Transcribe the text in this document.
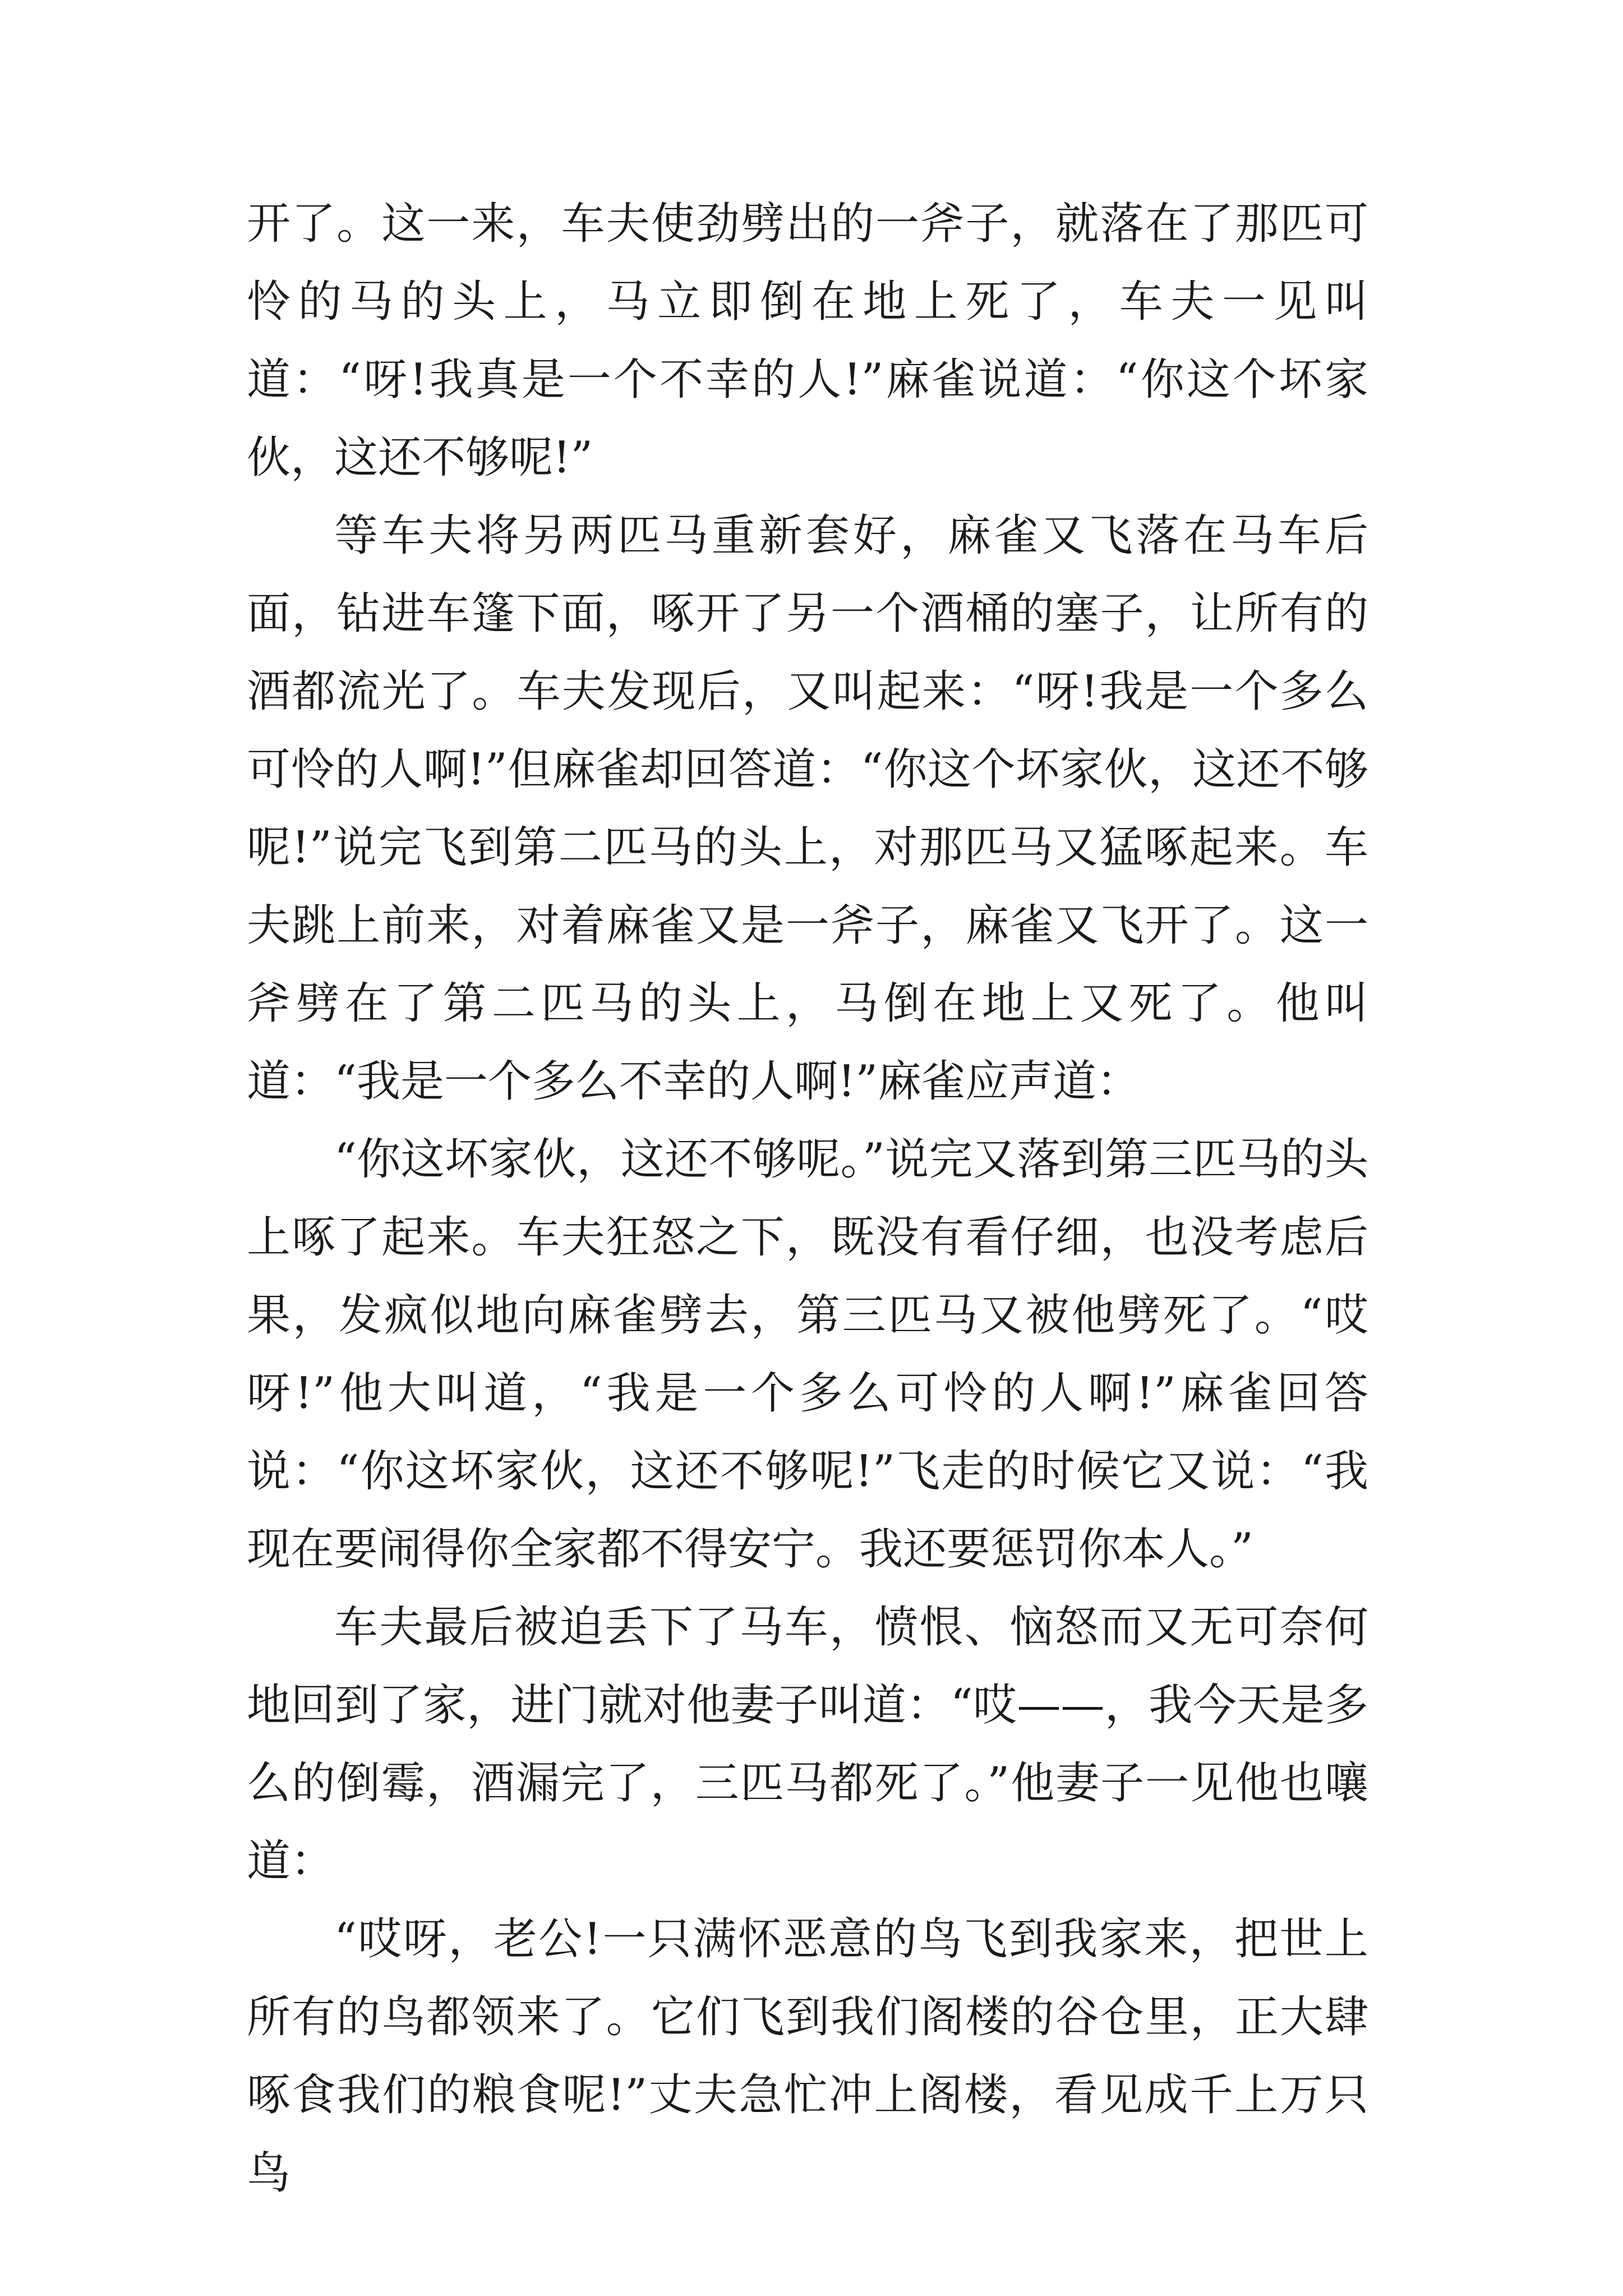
开了。这一来，车夫使劲劈出的一斧子，就落在了那匹可怜的马的头上，马立即倒在地上死了，车夫一见叫道：“呀!我真是一个不幸的人!”麻雀说道：“你这个坏家伙，这还不够呢!”

等车夫将另两匹马重新套好，麻雀又飞落在马车后面，钻进车篷下面，啄开了另一个酒桶的塞子，让所有的酒都流光了。车夫发现后，又叫起来：“呀!我是一个多么可怜的人啊!”但麻雀却回答道：“你这个坏家伙，这还不够呢!”说完飞到第二匹马的头上，对那匹马又猛啄起来。车夫跳上前来，对着麻雀又是一斧子，麻雀又飞开了。这一斧劈在了第二匹马的头上，马倒在地上又死了。他叫道：“我是一个多么不幸的人啊!”麻雀应声道：

“你这坏家伙，这还不够呢。”说完又落到第三匹马的头上啄了起来。车夫狂怒之下，既没有看仔细，也没考虑后果，发疯似地向麻雀劈去，第三匹马又被他劈死了。“哎呀!”他大叫道，“我是一个多么可怜的人啊!”麻雀回答说：“你这坏家伙，这还不够呢!”飞走的时候它又说：“我现在要闹得你全家都不得安宁。我还要惩罚你本人。”

车夫最后被迫丢下了马车，愤恨、恼怒而又无可奈何地回到了家，进门就对他妻子叫道：“哎——，我今天是多么的倒霉，酒漏完了，三匹马都死了。”他妻子一见他也嚷道：

“哎呀，老公!一只满怀恶意的鸟飞到我家来，把世上所有的鸟都领来了。它们飞到我们阁楼的谷仓里，正大肆啄食我们的粮食呢!”丈夫急忙冲上阁楼，看见成千上万只鸟
